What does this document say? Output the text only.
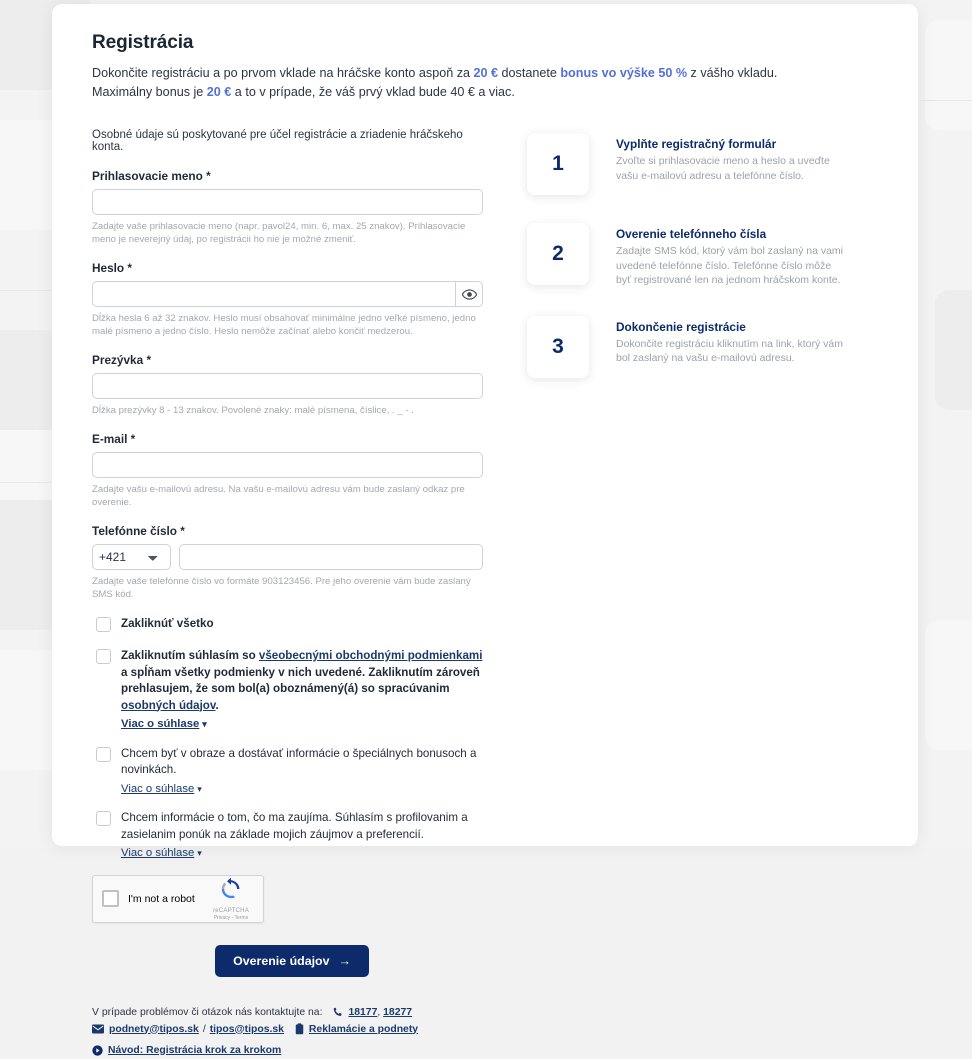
Registrácia

Dokončite registráciu a po prvom vklade na hráčske konto aspoň za 20 € dostanete bonus vo výške 50 % z vášho vkladu.
Maximálny bonus je 20 € a to v prípade, že váš prvý vklad bude 40 € a viac.

Osobné údaje sú poskytované pre účel registrácie a zriadenie hráčskeho konta.

Prihlasovacie meno *

Zadajte vaše prihlasovacie meno (napr. pavol24, min. 6, max. 25 znakov). Prihlasovacie meno je neverejný údaj, po registrácii ho nie je možné zmeniť.

Heslo *

Dĺžka hesla 6 až 32 znakov. Heslo musí obsahovať minimálne jedno veľké písmeno, jedno malé písmeno a jedno číslo. Heslo nemôže začínať alebo končiť medzerou.

Prezývka *

Dĺžka prezývky 8 - 13 znakov. Povolené znaky: malé písmena, číslice, . _ - .

E-mail *

Zadajte vašu e-mailovú adresu. Na vašu e-mailovú adresu vám bude zaslaný odkaz pre overenie.

Telefónne číslo *
+421

Zadajte vaše telefónne číslo vo formáte 903123456. Pre jeho overenie vám bude zaslaný SMS kód.

Zakliknúť všetko
Zakliknutím súhlasím so všeobecnými obchodnými podmienkami a spĺňam všetky podmienky v nich uvedené. Zakliknutím zároveň prehlasujem, že som bol(a) oboznámený(á) so spracúvanim osobných údajov.
Viac o súhlase ▾
Chcem byť v obraze a dostávať informácie o špeciálnych bonusoch a novinkách.
Viac o súhlase ▾
Chcem informácie o tom, čo ma zaujíma. Súhlasím s profilovanim a zasielanim ponúk na základe mojich záujmov a preferencií.
Viac o súhlase ▾
I'm not a robot
reCAPTCHA
Privacy - Terms
Overenie údajov →
V prípade problémov či otázok nás kontaktujte na:	18177 ,
18277
podnety@tipos.sk / tipos@tipos.sk Reklamácie a podnety
Návod: Registrácia krok za krokom
1

Vyplňte registračný formulár

Zvoľte si prihlasovacie meno a heslo a uveďte vašu e-mailovú adresu a telefónne číslo.

2

Overenie telefónneho čísla

Zadajte SMS kód, ktorý vám bol zaslaný na vami uvedené telefónne číslo. Telefónne číslo môže byť registrované len na jednom hráčskom konte.

3

Dokončenie registrácie

Dokončite registráciu kliknutím na link, ktorý vám bol zaslaný na vašu e-mailovú adresu.
